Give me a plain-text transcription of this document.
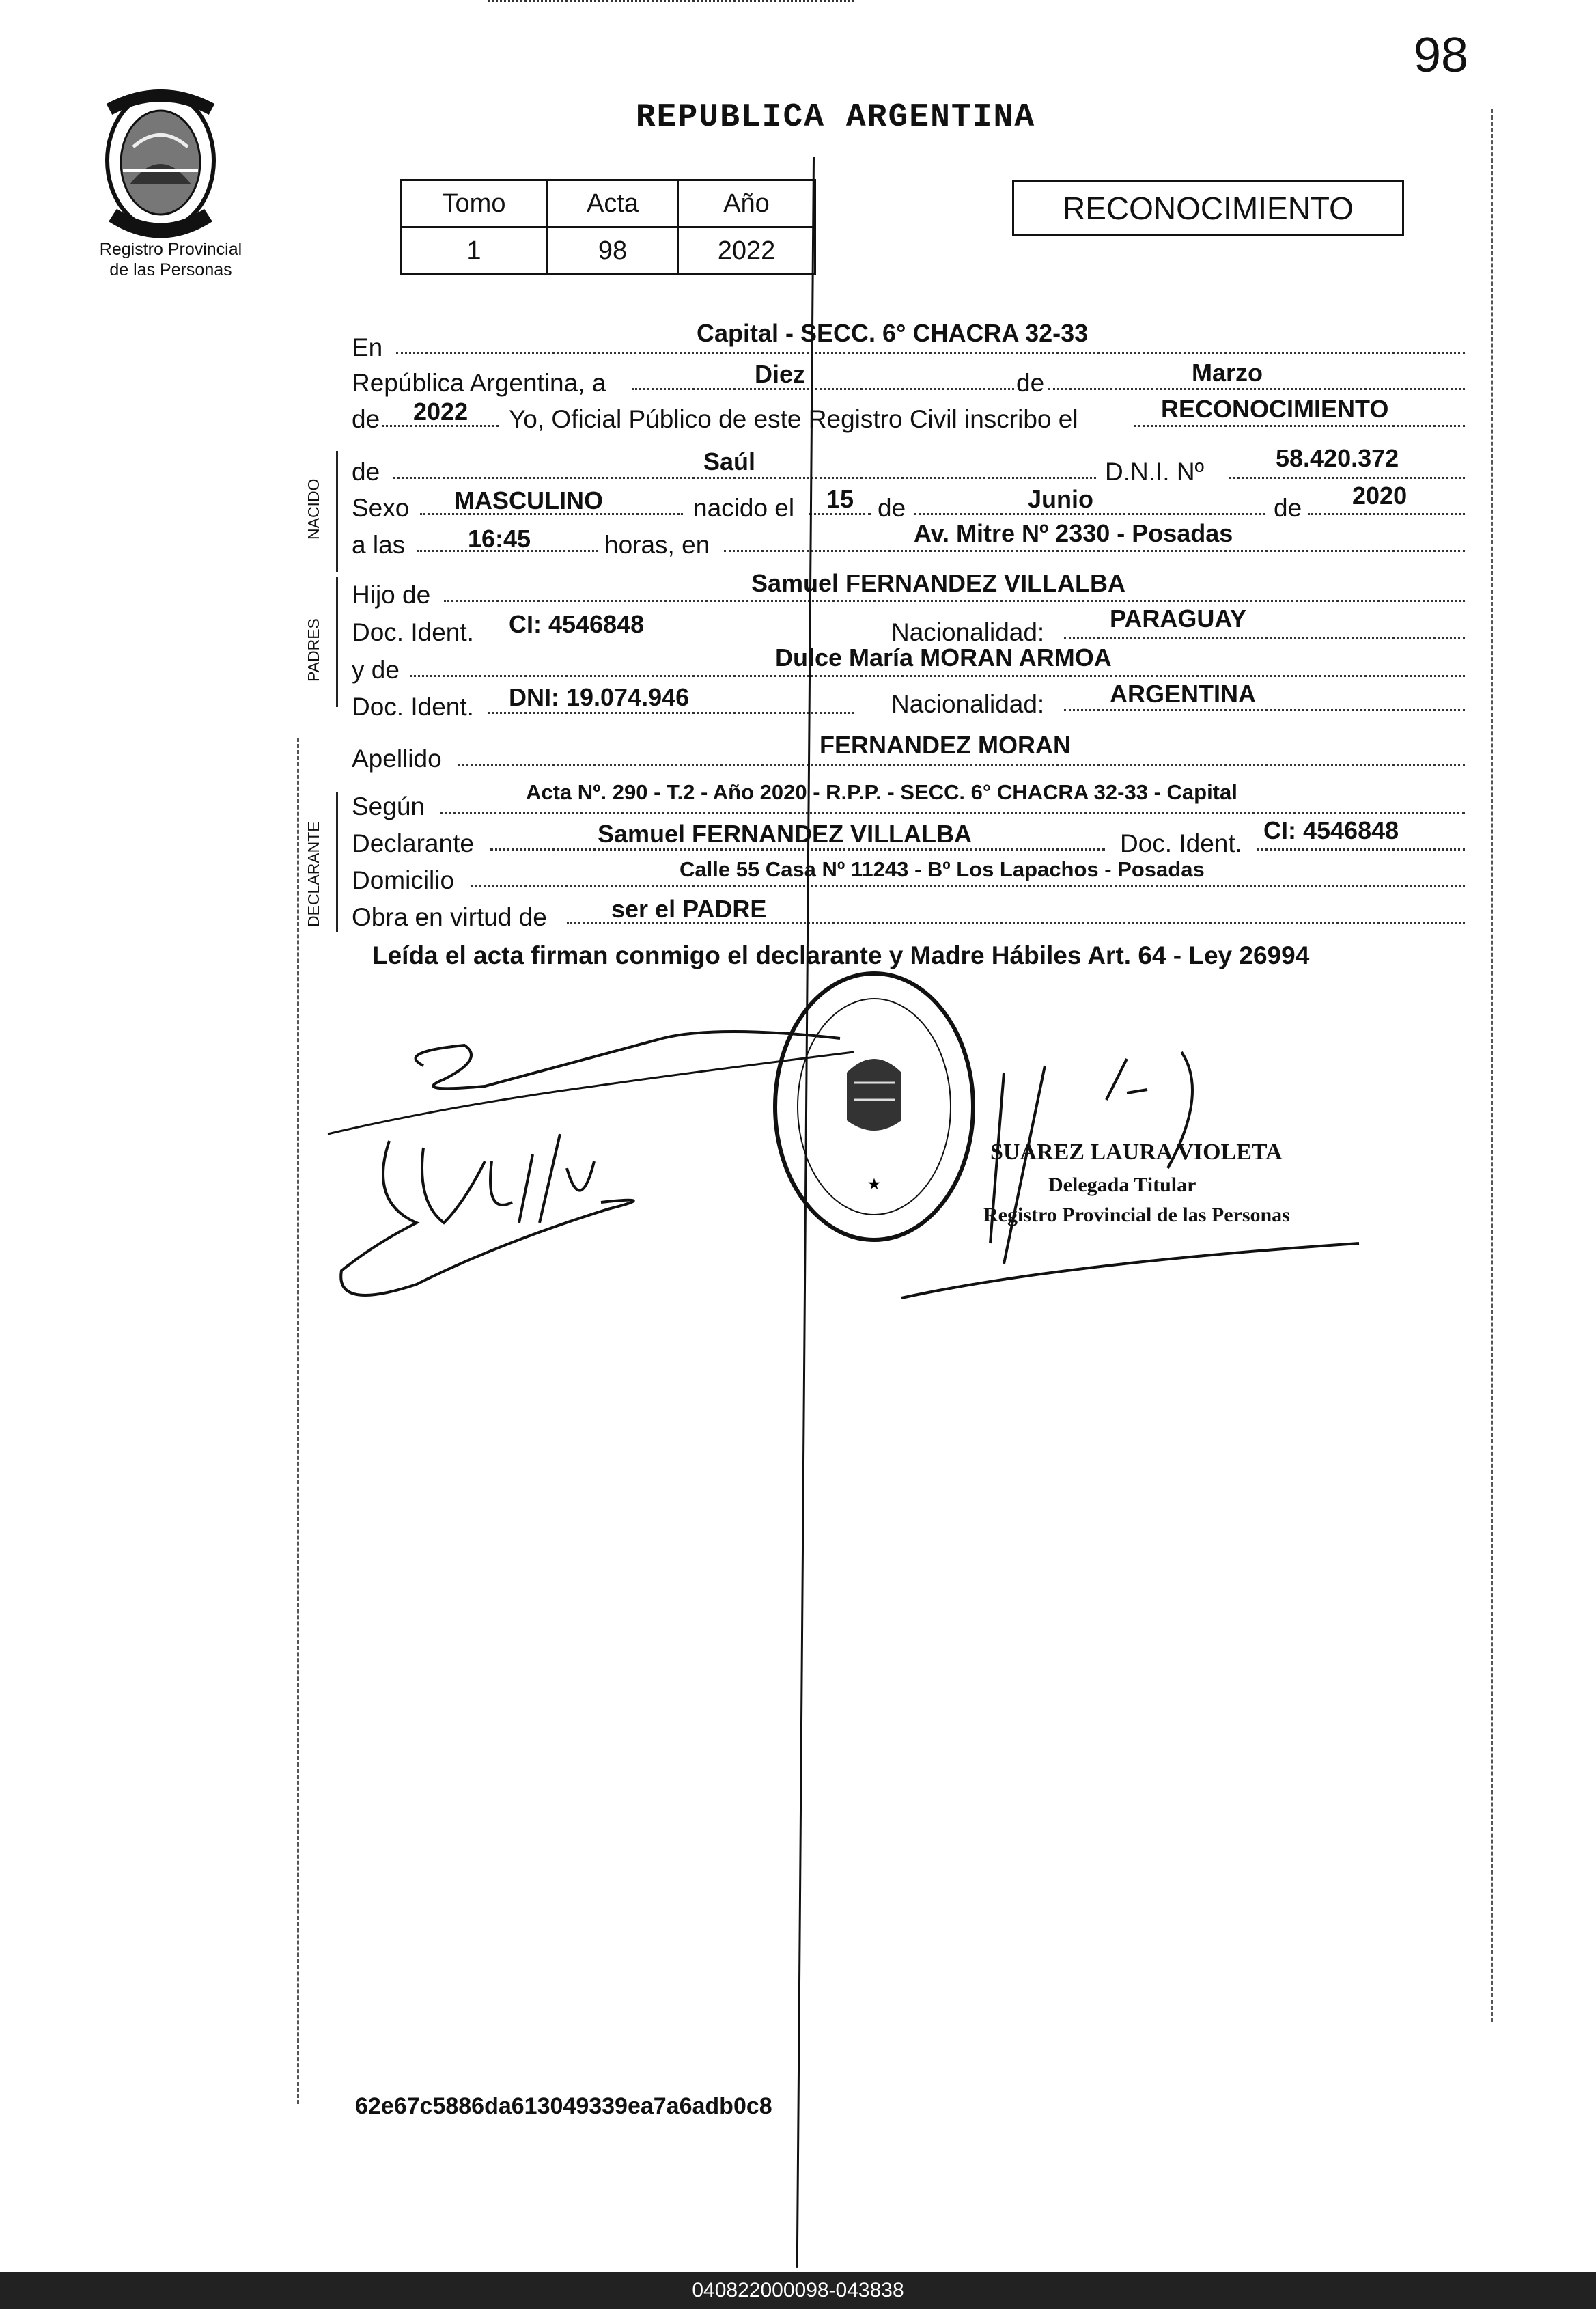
98
Registro Provincial
de las Personas
REPUBLICA ARGENTINA
Tomo	Acta	Año
1	98	2022
RECONOCIMIENTO
NACIDO
PADRES
DECLARANTE
En
Capital - SECC. 6° CHACRA 32-33
República Argentina, a	Diez	de	Marzo
de 2022 Yo, Oficial Público de este Registro Civil inscribo el	RECONOCIMIENTO
de	Saúl	D.N.I. Nº	58.420.372
Sexo MASCULINO	nacido el 15 de	Junio	de 2020
a las	16:45	horas, en	Av. Mitre Nº 2330 - Posadas
Hijo de	Samuel FERNANDEZ VILLALBA
Doc. Ident. CI: 4546848	Nacionalidad:	PARAGUAY
y de	Dulce María MORAN ARMOA
Doc. Ident. DNI: 19.074.946	Nacionalidad:	ARGENTINA
Apellido	FERNANDEZ MORAN
Según
Acta Nº. 290 - T.2 - Año 2020 - R.P.P. - SECC. 6° CHACRA 32-33 - Capital
Declarante	Samuel FERNANDEZ VILLALBA	Doc. Ident. CI: 4546848
Domicilio	Calle 55 Casa Nº 11243 - Bº Los Lapachos - Posadas
Obra en virtud de	ser el PADRE
Leída el acta firman conmigo el declarante y Madre Hábiles Art. 64 - Ley 26994
★
SUAREZ LAURA VIOLETA
Delegada Titular
Registro Provincial de las Personas
62e67c5886da613049339ea7a6adb0c8
040822000098-043838
